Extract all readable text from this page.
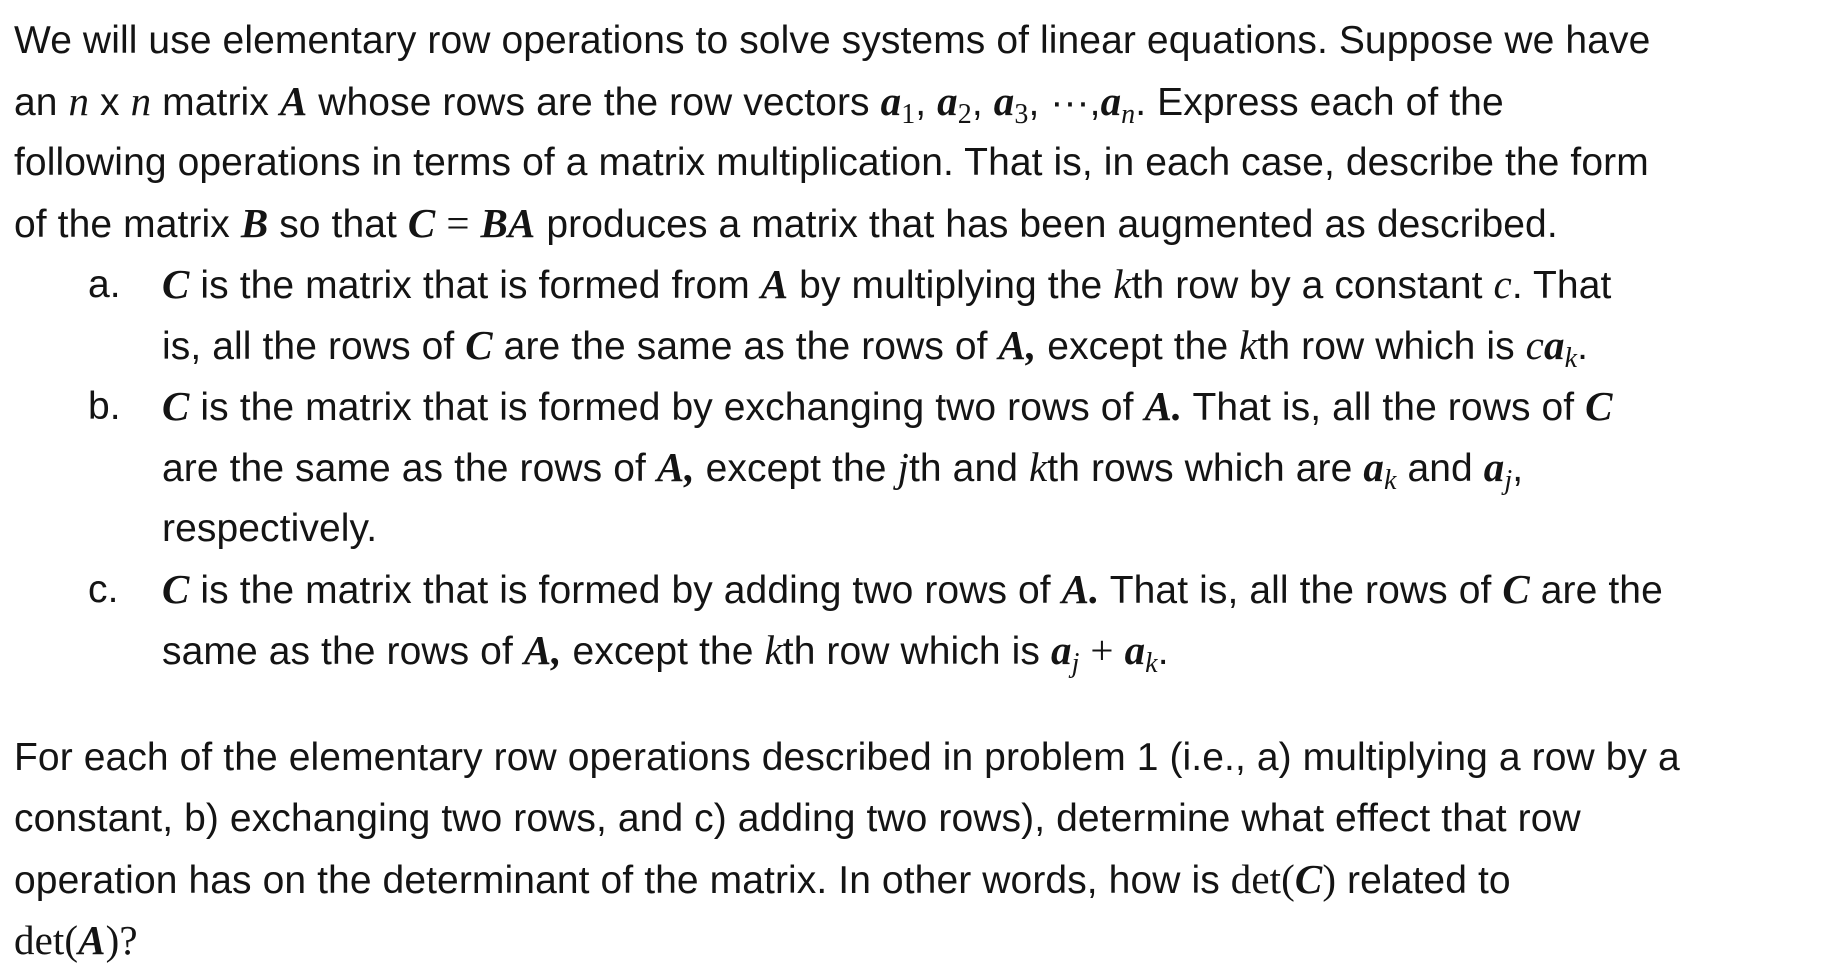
We will use elementary row operations to solve systems of linear equations. Suppose we have
an n x n matrix A whose rows are the row vectors $a_1$, $a_2$, $a_3$, $\cdot\cdot\cdot,a_n$. Express each of the
following operations in terms of a matrix multiplication. That is, in each case, describe the form
of the matrix B so that C = BA produces a matrix that has been augmented as described.
a. C is the matrix that is formed from A by multiplying the kth row by a constant c. That
is, all the rows of C are the same as the rows of A, except the kth row which is $ca_k$.
b. C is the matrix that is formed by exchanging two rows of A. That is, all the rows of C
are the same as the rows of A, except the jth and kth rows which are $a_k$ and $a_j$,
respectively.
c. C is the matrix that is formed by adding two rows of A. That is, all the rows of C are the
same as the rows of A, except the kth row which is $a_j + a_k$.
For each of the elementary row operations described in problem 1 (i.e., a) multiplying a row by a
constant, b) exchanging two rows, and c) adding two rows), determine what effect that row
operation has on the determinant of the matrix. In other words, how is det(C) related to
det(A)?
